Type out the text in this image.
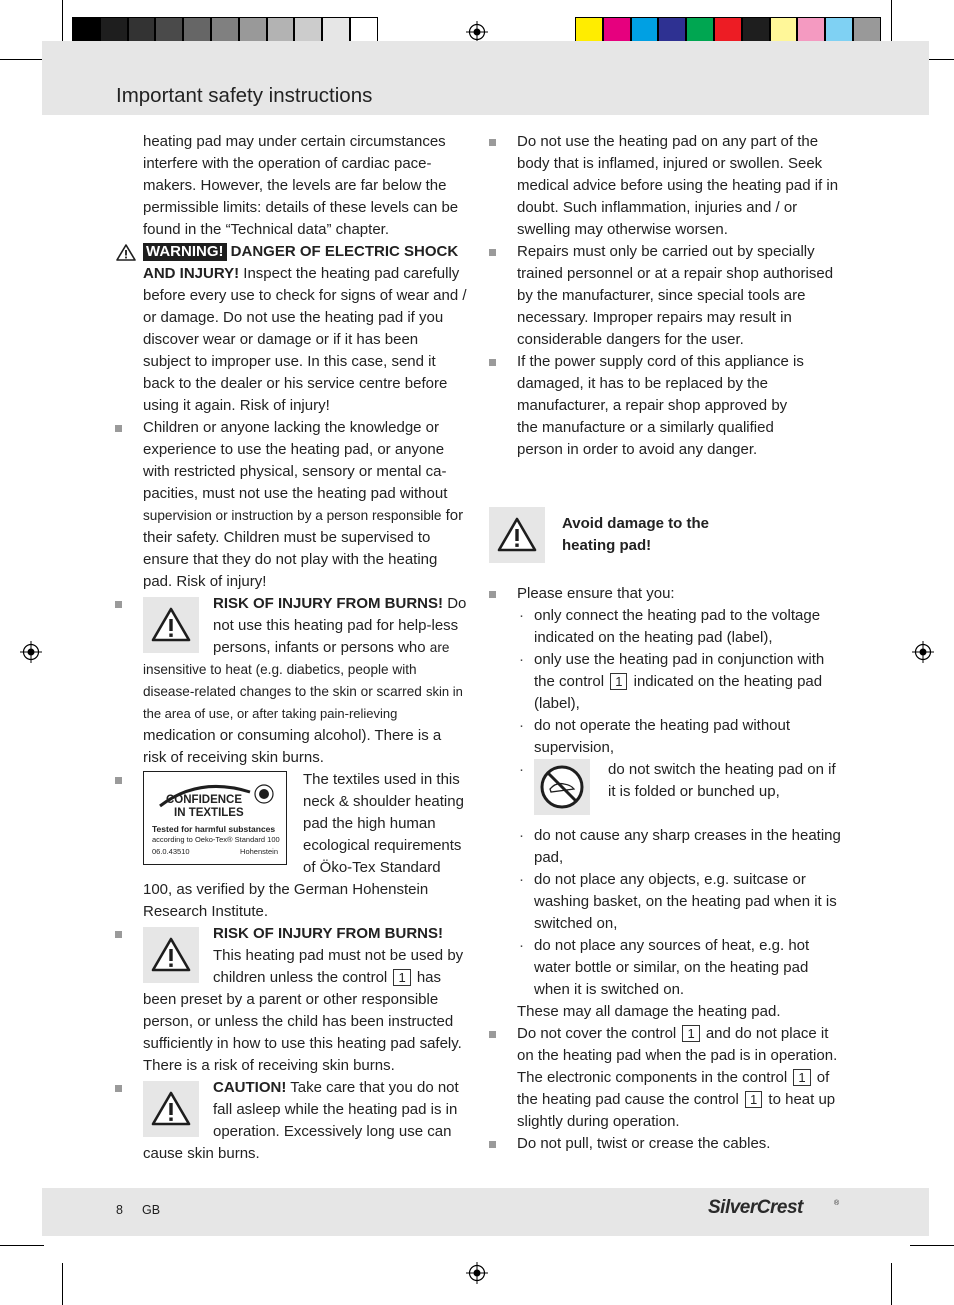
Important safety instructions

heating pad may under certain circumstances interfere with the operation of cardiac pace-makers. However, the levels are far below the permissible limits: details of these levels can be found in the “Technical data” chapter.

WARNING! DANGER OF ELECTRIC SHOCK AND INJURY! Inspect the heating pad carefully before every use to check for signs of wear and / or damage. Do not use the heating pad if you discover wear or damage or if it has been subject to improper use. In this case, send it back to the dealer or his service centre before using it again. Risk of injury!

Children or anyone lacking the knowledge or experience to use the heating pad, or anyone with restricted physical, sensory or mental ca-pacities, must not use the heating pad without supervision or instruction by a person responsible for their safety. Children must be supervised to ensure that they do not play with the heating pad. Risk of injury!

RISK OF INJURY FROM BURNS! Do not use this heating pad for help-less persons, infants or persons who are insensitive to heat (e.g. diabetics, people with disease-related changes to the skin or scarred skin in the area of use, or after taking pain-relieving medication or consuming alcohol). There is a risk of receiving skin burns.

CONFIDENCE
IN TEXTILES
Tested for harmful substances
according to Oeko-Tex® Standard 100
06.0.43510	Hohenstein
The textiles used in this neck & shoulder heating pad the high human ecological requirements of Öko-Tex Standard 100, as verified by the German Hohenstein Research Institute.

RISK OF INJURY FROM BURNS! This heating pad must not be used by children unless the control 1 has been preset by a parent or other responsible person, or unless the child has been instructed sufficiently in how to use this heating pad safely. There is a risk of receiving skin burns.

CAUTION! Take care that you do not fall asleep while the heating pad is in operation. Excessively long use can cause skin burns.

Do not use the heating pad on any part of the body that is inflamed, injured or swollen. Seek medical advice before using the heating pad if in doubt. Such inflammation, injuries and / or swelling may otherwise worsen.

Repairs must only be carried out by specially trained personnel or at a repair shop authorised by the manufacturer, since special tools are necessary. Improper repairs may result in considerable dangers for the user.

If the power supply cord of this appliance is damaged, it has to be replaced by the manufacturer, a repair shop approved by the manufacture or a similarly qualified person in order to avoid any danger.

Avoid damage to the heating pad!

Please ensure that you:

· only connect the heating pad to the voltage indicated on the heating pad (label),

· only use the heating pad in conjunction with the control 1 indicated on the heating pad (label),

· do not operate the heating pad without supervision,

·	do not switch the heating pad on if it is folded or bunched up,

· do not cause any sharp creases in the heating pad,

· do not place any objects, e.g. suitcase or washing basket, on the heating pad when it is switched on,

· do not place any sources of heat, e.g. hot water bottle or similar, on the heating pad when it is switched on.

These may all damage the heating pad.

Do not cover the control 1 and do not place it on the heating pad when the pad is in operation. The electronic components in the control 1 of the heating pad cause the control 1 to heat up slightly during operation.

Do not pull, twist or crease the cables.

8 GB	SilverCrest	®
